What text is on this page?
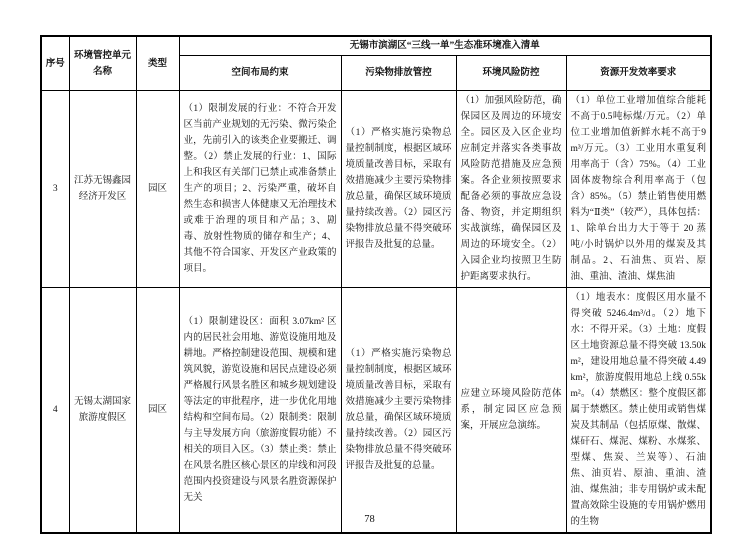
序号	环境管控单元名称	类型	无锡市滨湖区“三线一单”生态准环境准入清单			
			空间布局约束	污染物排放管控	环境风险防控	资源开发效率要求
3	江苏无锡鑫园经济开发区	园区	（1）限制发展的行业：不符合开发区当前产业规划的无污染、微污染企业，先前引入的该类企业要搬迁、调整。（2）禁止发展的行业：1、国际上和我区有关部门已禁止或准备禁止生产的项目；2、污染严重，破坏自然生态和损害人体健康又无治理技术或难于治理的项目和产品；3、剧毒、放射性物质的储存和生产；4、其他不符合国家、开发区产业政策的项目。	（1）严格实施污染物总量控制制度，根据区域环境质量改善目标，采取有效措施减少主要污染物排放总量，确保区域环境质量持续改善。（2）园区污染物排放总量不得突破环评报告及批复的总量。	（1）加强风险防范，确保园区及周边的环境安全。园区及入区企业均应制定并落实各类事故风险防范措施及应急预案。各企业须按照要求配备必须的事故应急设备、物资，并定期组织实战演练，确保园区及周边的环境安全。（2）入园企业均按照卫生防护距离要求执行。	（1）单位工业增加值综合能耗不高于0.5吨标煤/万元。（2）单位工业增加值新鲜水耗不高于9m³/万元。（3）工业用水重复利用率高于（含）75%。（4）工业固体废物综合利用率高于（包含）85%。（5）禁止销售使用燃料为“Ⅱ类”（较严），具体包括：1、除单台出力大于等于 20 蒸吨/小时锅炉以外用的煤炭及其制品。2、石油焦、页岩、原油、重油、渣油、煤焦油
4	无锡太湖国家旅游度假区	园区	（1）限制建设区：面积 3.07km² 区内的居民社会用地、游览设施用地及耕地。严格控制建设范围、规模和建筑风貌，游览设施和居民点建设必须严格履行风景名胜区和城乡规划建设等法定的审批程序，进一步优化用地结构和空间布局。（2）限制类：限制与主导发展方向（旅游度假功能）不相关的项目入区。（3）禁止类：禁止在风景名胜区核心景区的岸线和河段范围内投资建设与风景名胜资源保护无关	（1）严格实施污染物总量控制制度，根据区域环境质量改善目标，采取有效措施减少主要污染物排放总量，确保区域环境质量持续改善。（2）园区污染物排放总量不得突破环评报告及批复的总量。	应建立环境风险防范体系，制定园区应急预案，开展应急演练。	（1）地表水：度假区用水量不得突破 5246.4m³/d。（2）地下水：不得开采。（3）土地：度假区土地资源总量不得突破 13.50km²，建设用地总量不得突破 4.49km²，旅游度假用地总上线 0.55km²。（4）禁燃区：整个度假区都属于禁燃区。禁止使用或销售煤炭及其制品（包括原煤、散煤、煤矸石、煤泥、煤粉、水煤浆、型煤、焦炭、兰炭等）、石油焦、油页岩、原油、重油、渣油、煤焦油；非专用锅炉或未配置高效除尘设施的专用锅炉燃用的生物
78
